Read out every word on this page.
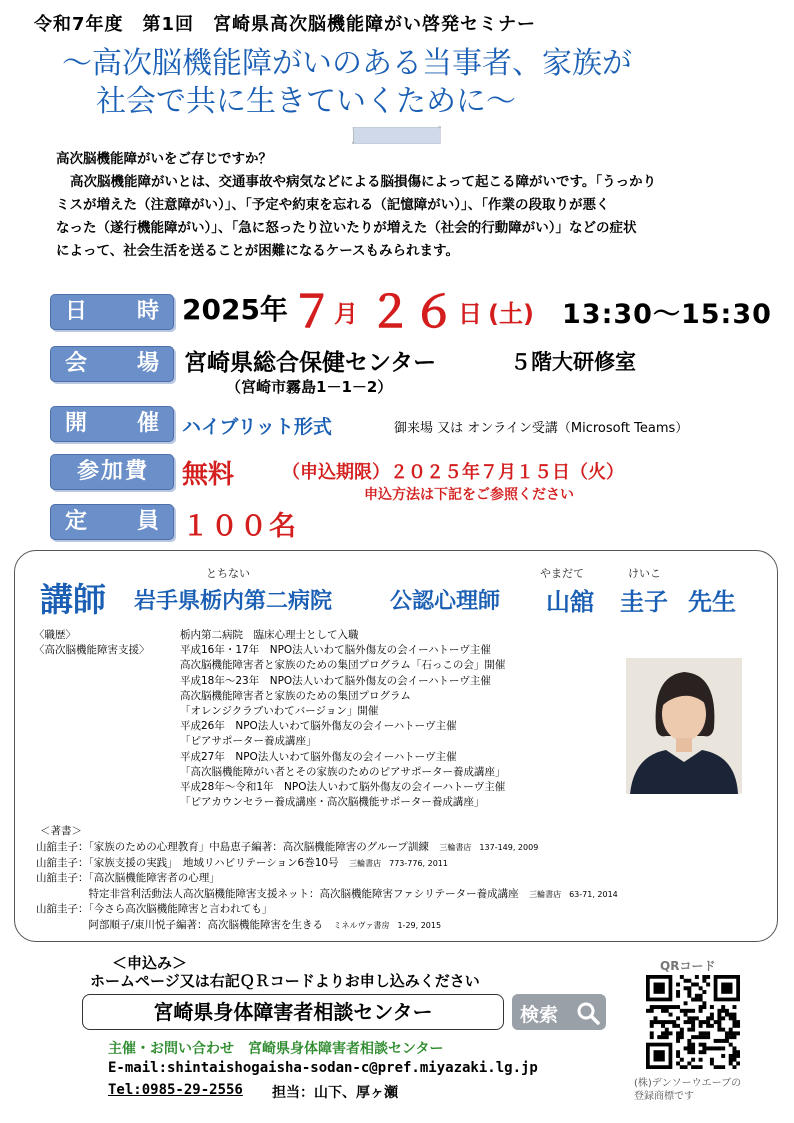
令和7年度　第1回　宮崎県高次脳機能障がい啓発セミナー
～高次脳機能障がいのある当事者、家族が
社会で共に生きていくために～
高次脳機能障がいをご存じですか？
高次脳機能障がいとは、交通事故や病気などによる脳損傷によって起こる障がいです。「うっかり
ミスが増えた（注意障がい）」、「予定や約束を忘れる（記憶障がい）」、「作業の段取りが悪く
なった（遂行機能障がい）」、「急に怒ったり泣いたりが増えた（社会的行動障がい）」などの症状
によって、社会生活を送ることが困難になるケースもみられます。
日　時 2025年 ７ 月 ２６ 日 (土) 13:30～15:30
会　場 宮崎県総合保健センター	５階大研修室
（宮崎市霧島1－1－2）
開　催 ハイブリット形式	御来場 又は オンライン受講（Microsoft Teams）
参加費	無料	（申込期限）２０２５年７月１５日（火）
申込方法は下記をご参照ください
定　員 １００名
講師
とちない
岩手県栃内第二病院	公認心理師
やまだて
山舘
けいこ
圭子 先生
〈職歴〉
〈高次脳機能障害支援〉
栃内第二病院　臨床心理士として入職
平成16年・17年　NPO法人いわて脳外傷友の会イーハトーヴ主催
高次脳機能障害者と家族のための集団プログラム「石っこの会」開催
平成18年～23年　NPO法人いわて脳外傷友の会イーハトーヴ主催
高次脳機能障害者と家族のための集団プログラム
「オレンジクラブいわてバージョン」開催
平成26年　NPO法人いわて脳外傷友の会イーハトーヴ主催
「ピアサポーター養成講座」
平成27年　NPO法人いわて脳外傷友の会イーハトーヴ主催
「高次脳機能障がい者とその家族のためのピアサポーター養成講座」
平成28年～令和1年　NPO法人いわて脳外傷友の会イーハトーヴ主催
「ピアカウンセラー養成講座・高次脳機能サポーター養成講座」
＜著書＞
山舘圭子：「家族のための心理教育」中島恵子編著：高次脳機能障害のグループ訓練　 三輪書店　137-149, 2009
山舘圭子：「家族支援の実践」　地域リハビリテーション6巻10号　 三輪書店　773-776, 2011
山舘圭子：「高次脳機能障害者の心理」
　　　　　特定非営利活動法人高次脳機能障害支援ネット：高次脳機能障害ファシリテーター養成講座　 三輪書店　63-71, 2014
山舘圭子：「今さら高次脳機能障害と言われても」
　　　　　阿部順子/東川悦子編著：高次脳機能障害を生きる　 ミネルヴァ書房　1-29, 2015
＜申込み＞
ホームページ又は右記ＱＲコードよりお申し込みください
宮崎県身体障害者相談センター	検索
QRコード
(株)デンソーウエーブの
登録商標です
主催・お問い合わせ　宮崎県身体障害者相談センター
E-mail:shintaishogaisha-sodan-c@pref.miyazaki.lg.jp
Tel:0985-29-2556 担当：山下、厚ヶ瀬
